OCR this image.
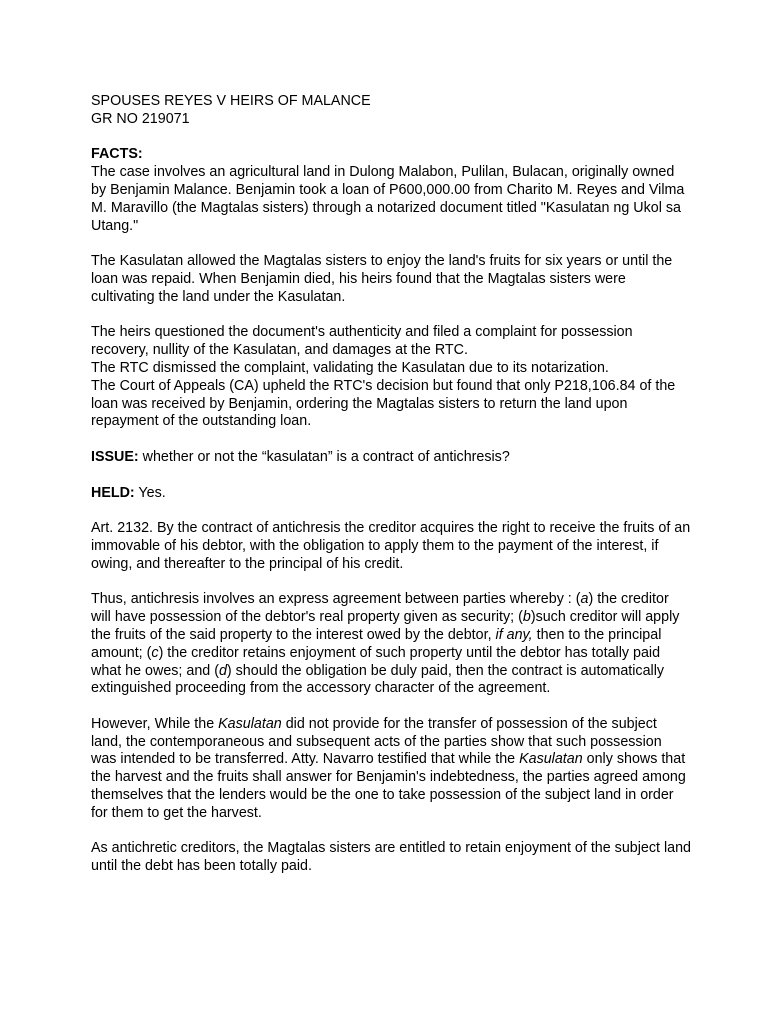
SPOUSES REYES V HEIRS OF MALANCE

GR NO 219071

FACTS:

The case involves an agricultural land in Dulong Malabon, Pulilan, Bulacan, originally owned by Benjamin Malance. Benjamin took a loan of P600,000.00 from Charito M. Reyes and Vilma M. Maravillo (the Magtalas sisters) through a notarized document titled "Kasulatan ng Ukol sa Utang."

The Kasulatan allowed the Magtalas sisters to enjoy the land's fruits for six years or until the loan was repaid. When Benjamin died, his heirs found that the Magtalas sisters were cultivating the land under the Kasulatan.

The heirs questioned the document's authenticity and filed a complaint for possession recovery, nullity of the Kasulatan, and damages at the RTC.

The RTC dismissed the complaint, validating the Kasulatan due to its notarization.

The Court of Appeals (CA) upheld the RTC's decision but found that only P218,106.84 of the loan was received by Benjamin, ordering the Magtalas sisters to return the land upon repayment of the outstanding loan.

ISSUE: whether or not the “kasulatan” is a contract of antichresis?

HELD: Yes.

Art. 2132. By the contract of antichresis the creditor acquires the right to receive the fruits of an immovable of his debtor, with the obligation to apply them to the payment of the interest, if owing, and thereafter to the principal of his credit.

Thus, antichresis involves an express agreement between parties whereby : (a) the creditor will have possession of the debtor's real property given as security; (b)such creditor will apply the fruits of the said property to the interest owed by the debtor, if any, then to the principal amount; (c) the creditor retains enjoyment of such property until the debtor has totally paid what he owes; and (d) should the obligation be duly paid, then the contract is automatically extinguished proceeding from the accessory character of the agreement.

However, While the Kasulatan did not provide for the transfer of possession of the subject land, the contemporaneous and subsequent acts of the parties show that such possession was intended to be transferred. Atty. Navarro testified that while the Kasulatan only shows that the harvest and the fruits shall answer for Benjamin's indebtedness, the parties agreed among themselves that the lenders would be the one to take possession of the subject land in order for them to get the harvest.

As antichretic creditors, the Magtalas sisters are entitled to retain enjoyment of the subject land until the debt has been totally paid.
